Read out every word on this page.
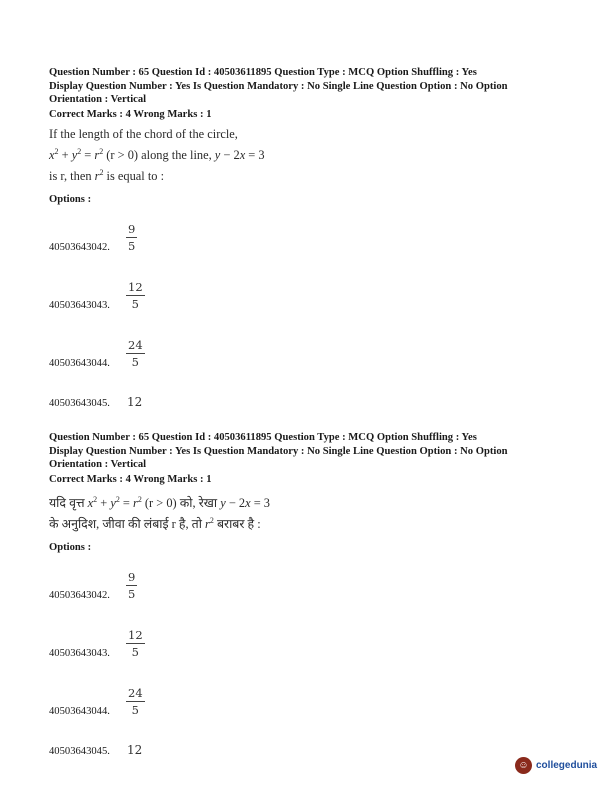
Question Number : 65 Question Id : 40503611895 Question Type : MCQ Option Shuffling : Yes
Display Question Number : Yes Is Question Mandatory : No Single Line Question Option : No Option
Orientation : Vertical
Correct Marks : 4 Wrong Marks : 1
If the length of the chord of the circle,
$x^2 + y^2 = r^2$ (r > 0) along the line, y − 2x = 3
is r, then $r^2$ is equal to :
Options :
40503643042.
9
5
40503643043.
12
5
40503643044.
24
5
40503643045. 12
Question Number : 65 Question Id : 40503611895 Question Type : MCQ Option Shuffling : Yes
Display Question Number : Yes Is Question Mandatory : No Single Line Question Option : No Option
Orientation : Vertical
Correct Marks : 4 Wrong Marks : 1
यदि वृत्त $x^2 + y^2 = r^2$ (r > 0) को, रेखा y − 2x = 3
के अनुदिश, जीवा की लंबाई r है, तो $r^2$ बराबर है :
Options :
40503643042.
9
5
40503643043.
12
5
40503643044.
24
5
40503643045. 12
☺ collegedunia
